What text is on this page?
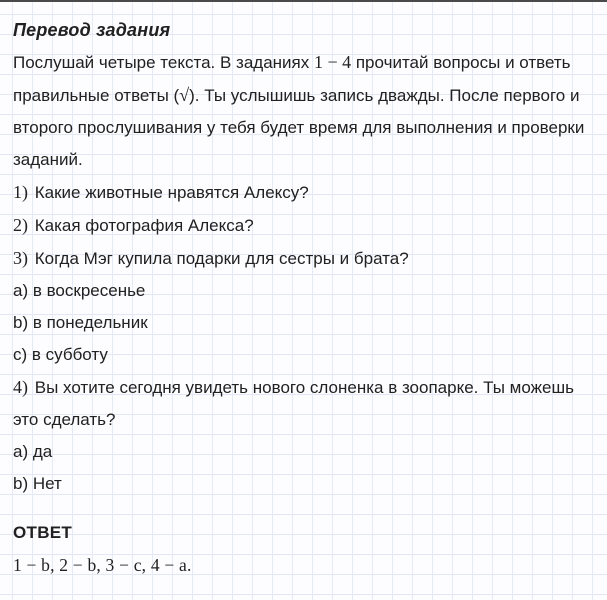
Перевод задания

Послушай четыре текста. В заданиях 1 − 4 прочитай вопросы и ответь правильные ответы (√). Ты услышишь запись дважды. После первого и второго прослушивания у тебя будет время для выполнения и проверки заданий.

1) Какие животные нравятся Алексу?

2) Какая фотография Алекса?

3) Когда Мэг купила подарки для сестры и брата?

a) в воскресенье

b) в понедельник

c) в субботу

4) Вы хотите сегодня увидеть нового слоненка в зоопарке. Ты можешь это сделать?

a) да

b) Нет

ОТВЕТ

1 − b, 2 − b, 3 − c, 4 − a.
